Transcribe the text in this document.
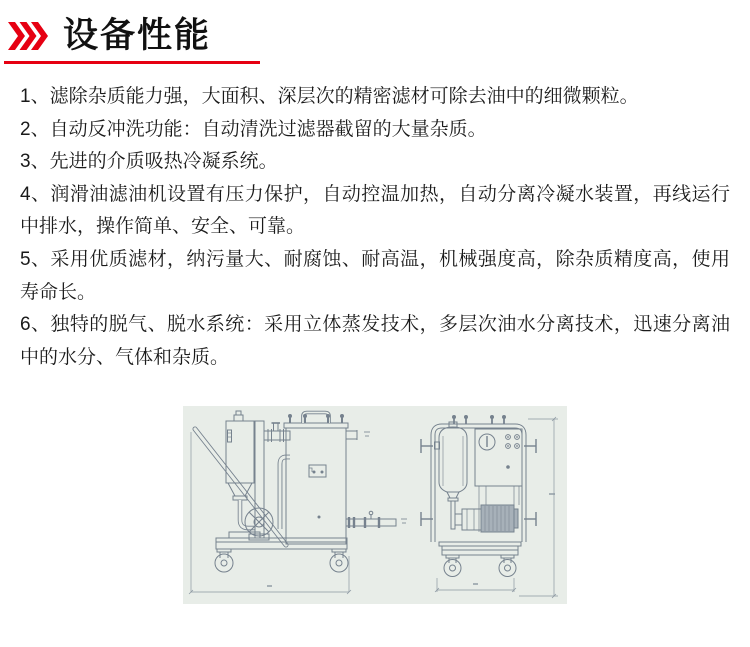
设备性能
1、滤除杂质能力强，大面积、深层次的精密滤材可除去油中的细微颗粒。
2、自动反冲洗功能：自动清洗过滤器截留的大量杂质。
3、先进的介质吸热冷凝系统。
4、润滑油滤油机设置有压力保护，自动控温加热，自动分离冷凝水装置，再线运行中排水，操作简单、安全、可靠。
5、采用优质滤材，纳污量大、耐腐蚀、耐高温，机械强度高，除杂质精度高，使用寿命长。
6、独特的脱气、脱水系统：采用立体蒸发技术，多层次油水分离技术，迅速分离油中的水分、气体和杂质。
